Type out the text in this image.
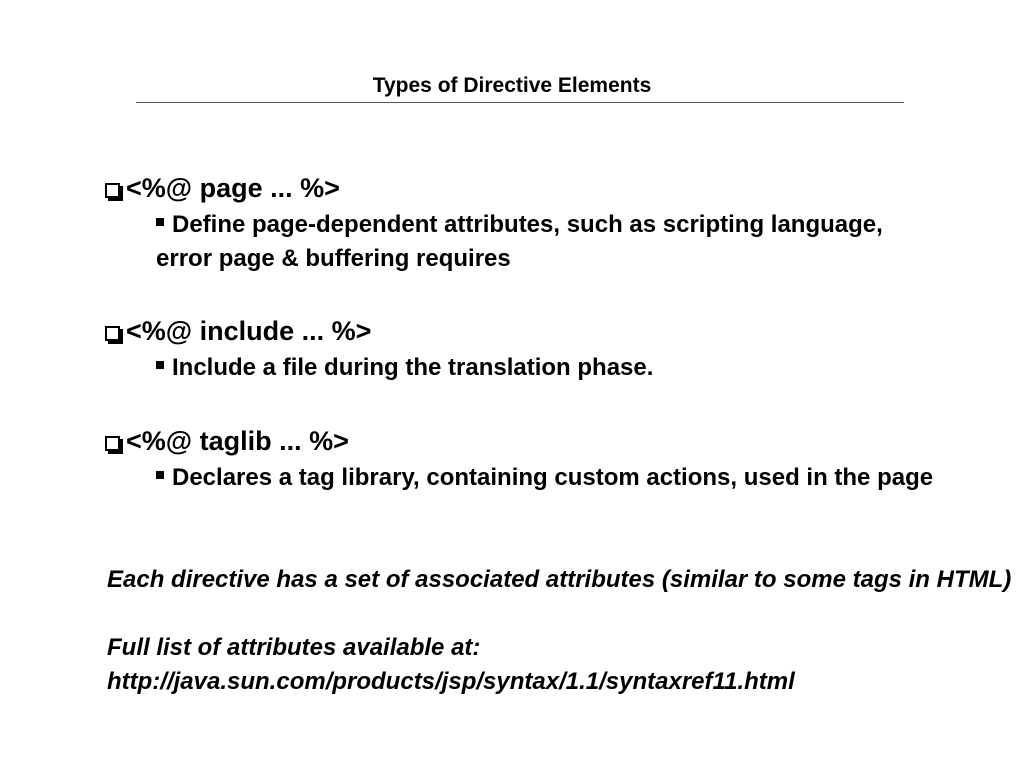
Types of Directive Elements
<%@ page ... %>
Define page-dependent attributes, such as scripting language, error page & buffering requires
<%@ include ... %>
Include a file during the translation phase.
<%@ taglib ... %>
Declares a tag library, containing custom actions, used in the page
Each directive has a set of associated attributes (similar to some tags in HTML)
Full list of attributes available at:
http://java.sun.com/products/jsp/syntax/1.1/syntaxref11.html
